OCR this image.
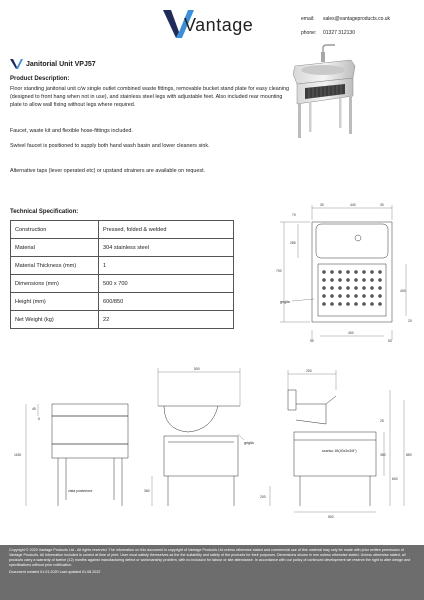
Vantage	email: sales@vantageproducts.co.uk
phone: 01327 312130
Janitorial Unit VPJ57
Product Description:

Floor standing janitorial unit c/w single outlet combined waste fittings, removable bucket stand plate for easy cleaning (designed to front hang when not in use), and stainless steel legs with adjustable feet. Also included rear mounting plate to allow wall fixing without legs where required.

Faucet, waste kit and flexible hose-fittings included.

Swivel faucet is positioned to supply both hand wash basin and lower cleaners sink.

Alternative taps (lever operated etc) or upstand strainers are available on request.

Technical Specification:
Construction	Pressed, folded & welded
Material	304 stainless steel
Material Thickness (mm)	1
Dimensions (mm)	500 x 700
Height (mm)	600/850
Net Weight (kg)	22
440
30	30
70
285
700
400
400
50	50
20
grigila
500
45
5
1150
360
griglia
vista posteriore
200
350
500
850
600
200
25
scarico 1ft(40x3x3/8")

Copyright © 2020 Vantage Products Ltd - All rights reserved. The information on this document is copyright of Vantage Products Ltd unless otherwise stated and commercial use of this material may only be made with prior written permission of Vantage Products. All information included is correct at time of print. User must satisfy themselves as the the suitability and safety of the products for their purposes. Dimensions shown in mm unless otherwise stated. Unless otherwise stated, all products carry a warranty of twelve (12) months against manufacturing defect or workmanship problem, with no inclusion for labour or site attendance. In accordance with our policy of continued development we reserve the right to alter design and specifications without prior notification.

Document created 01.01.2020 Last updated 01.08.2022
